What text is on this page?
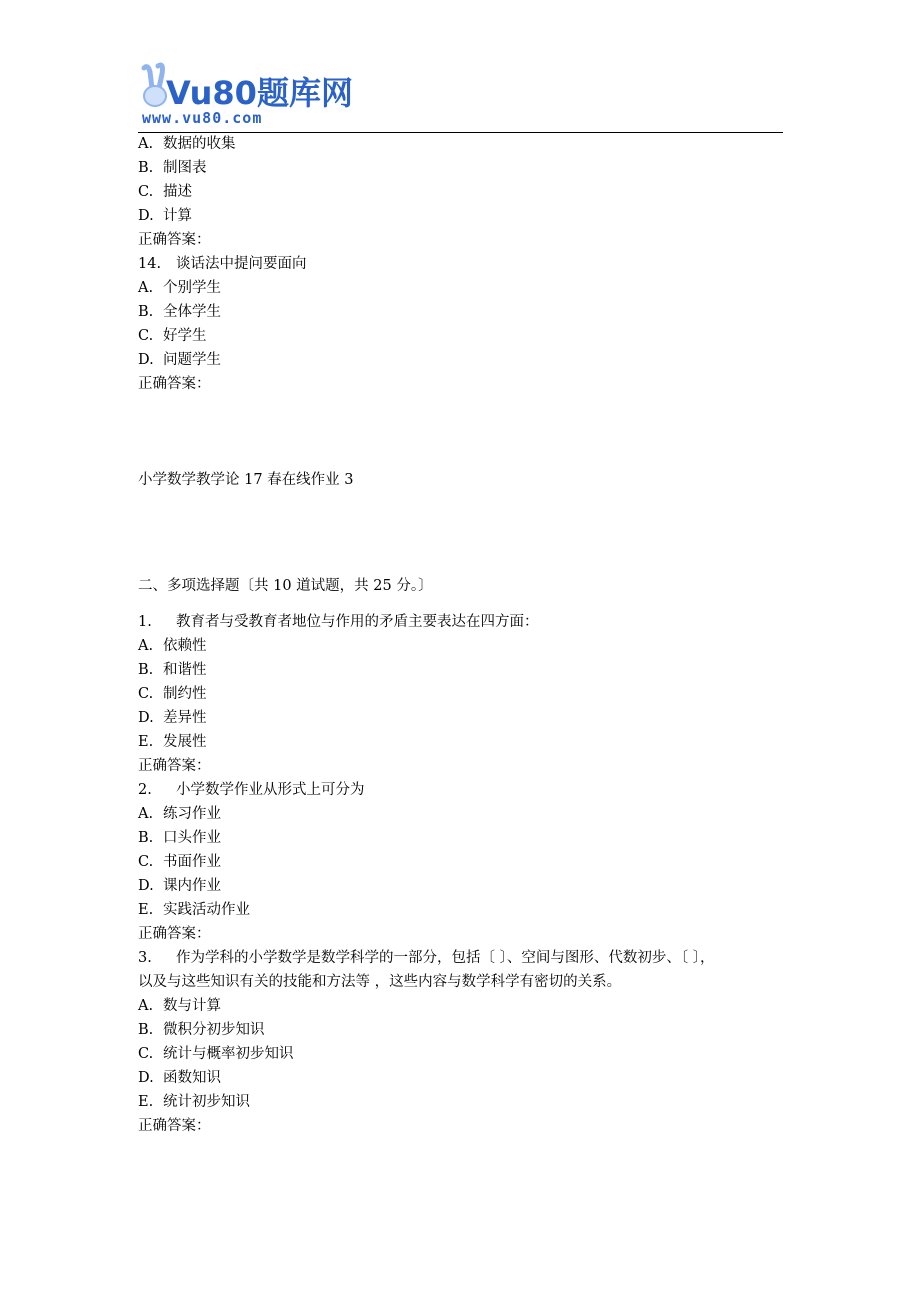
Vu80题库网
www.vu80.com
A. 数据的收集
B. 制图表
C. 描述
D. 计算
正确答案：
14. 谈话法中提问要面向
A. 个别学生
B. 全体学生
C. 好学生
D. 问题学生
正确答案：
小学数学教学论 17 春在线作业 3
二、多项选择题〔共 10 道试题，共 25 分。〕
1. 教育者与受教育者地位与作用的矛盾主要表达在四方面：
A. 依赖性
B. 和谐性
C. 制约性
D. 差异性
E. 发展性
正确答案：
2. 小学数学作业从形式上可分为
A. 练习作业
B. 口头作业
C. 书面作业
D. 课内作业
E. 实践活动作业
正确答案：
3. 作为学科的小学数学是数学科学的一部分，包括〔 〕、空间与图形、代数初步、〔 〕，
以及与这些知识有关的技能和方法等 ，这些内容与数学科学有密切的关系。
A. 数与计算
B. 微积分初步知识
C. 统计与概率初步知识
D. 函数知识
E. 统计初步知识
正确答案：
